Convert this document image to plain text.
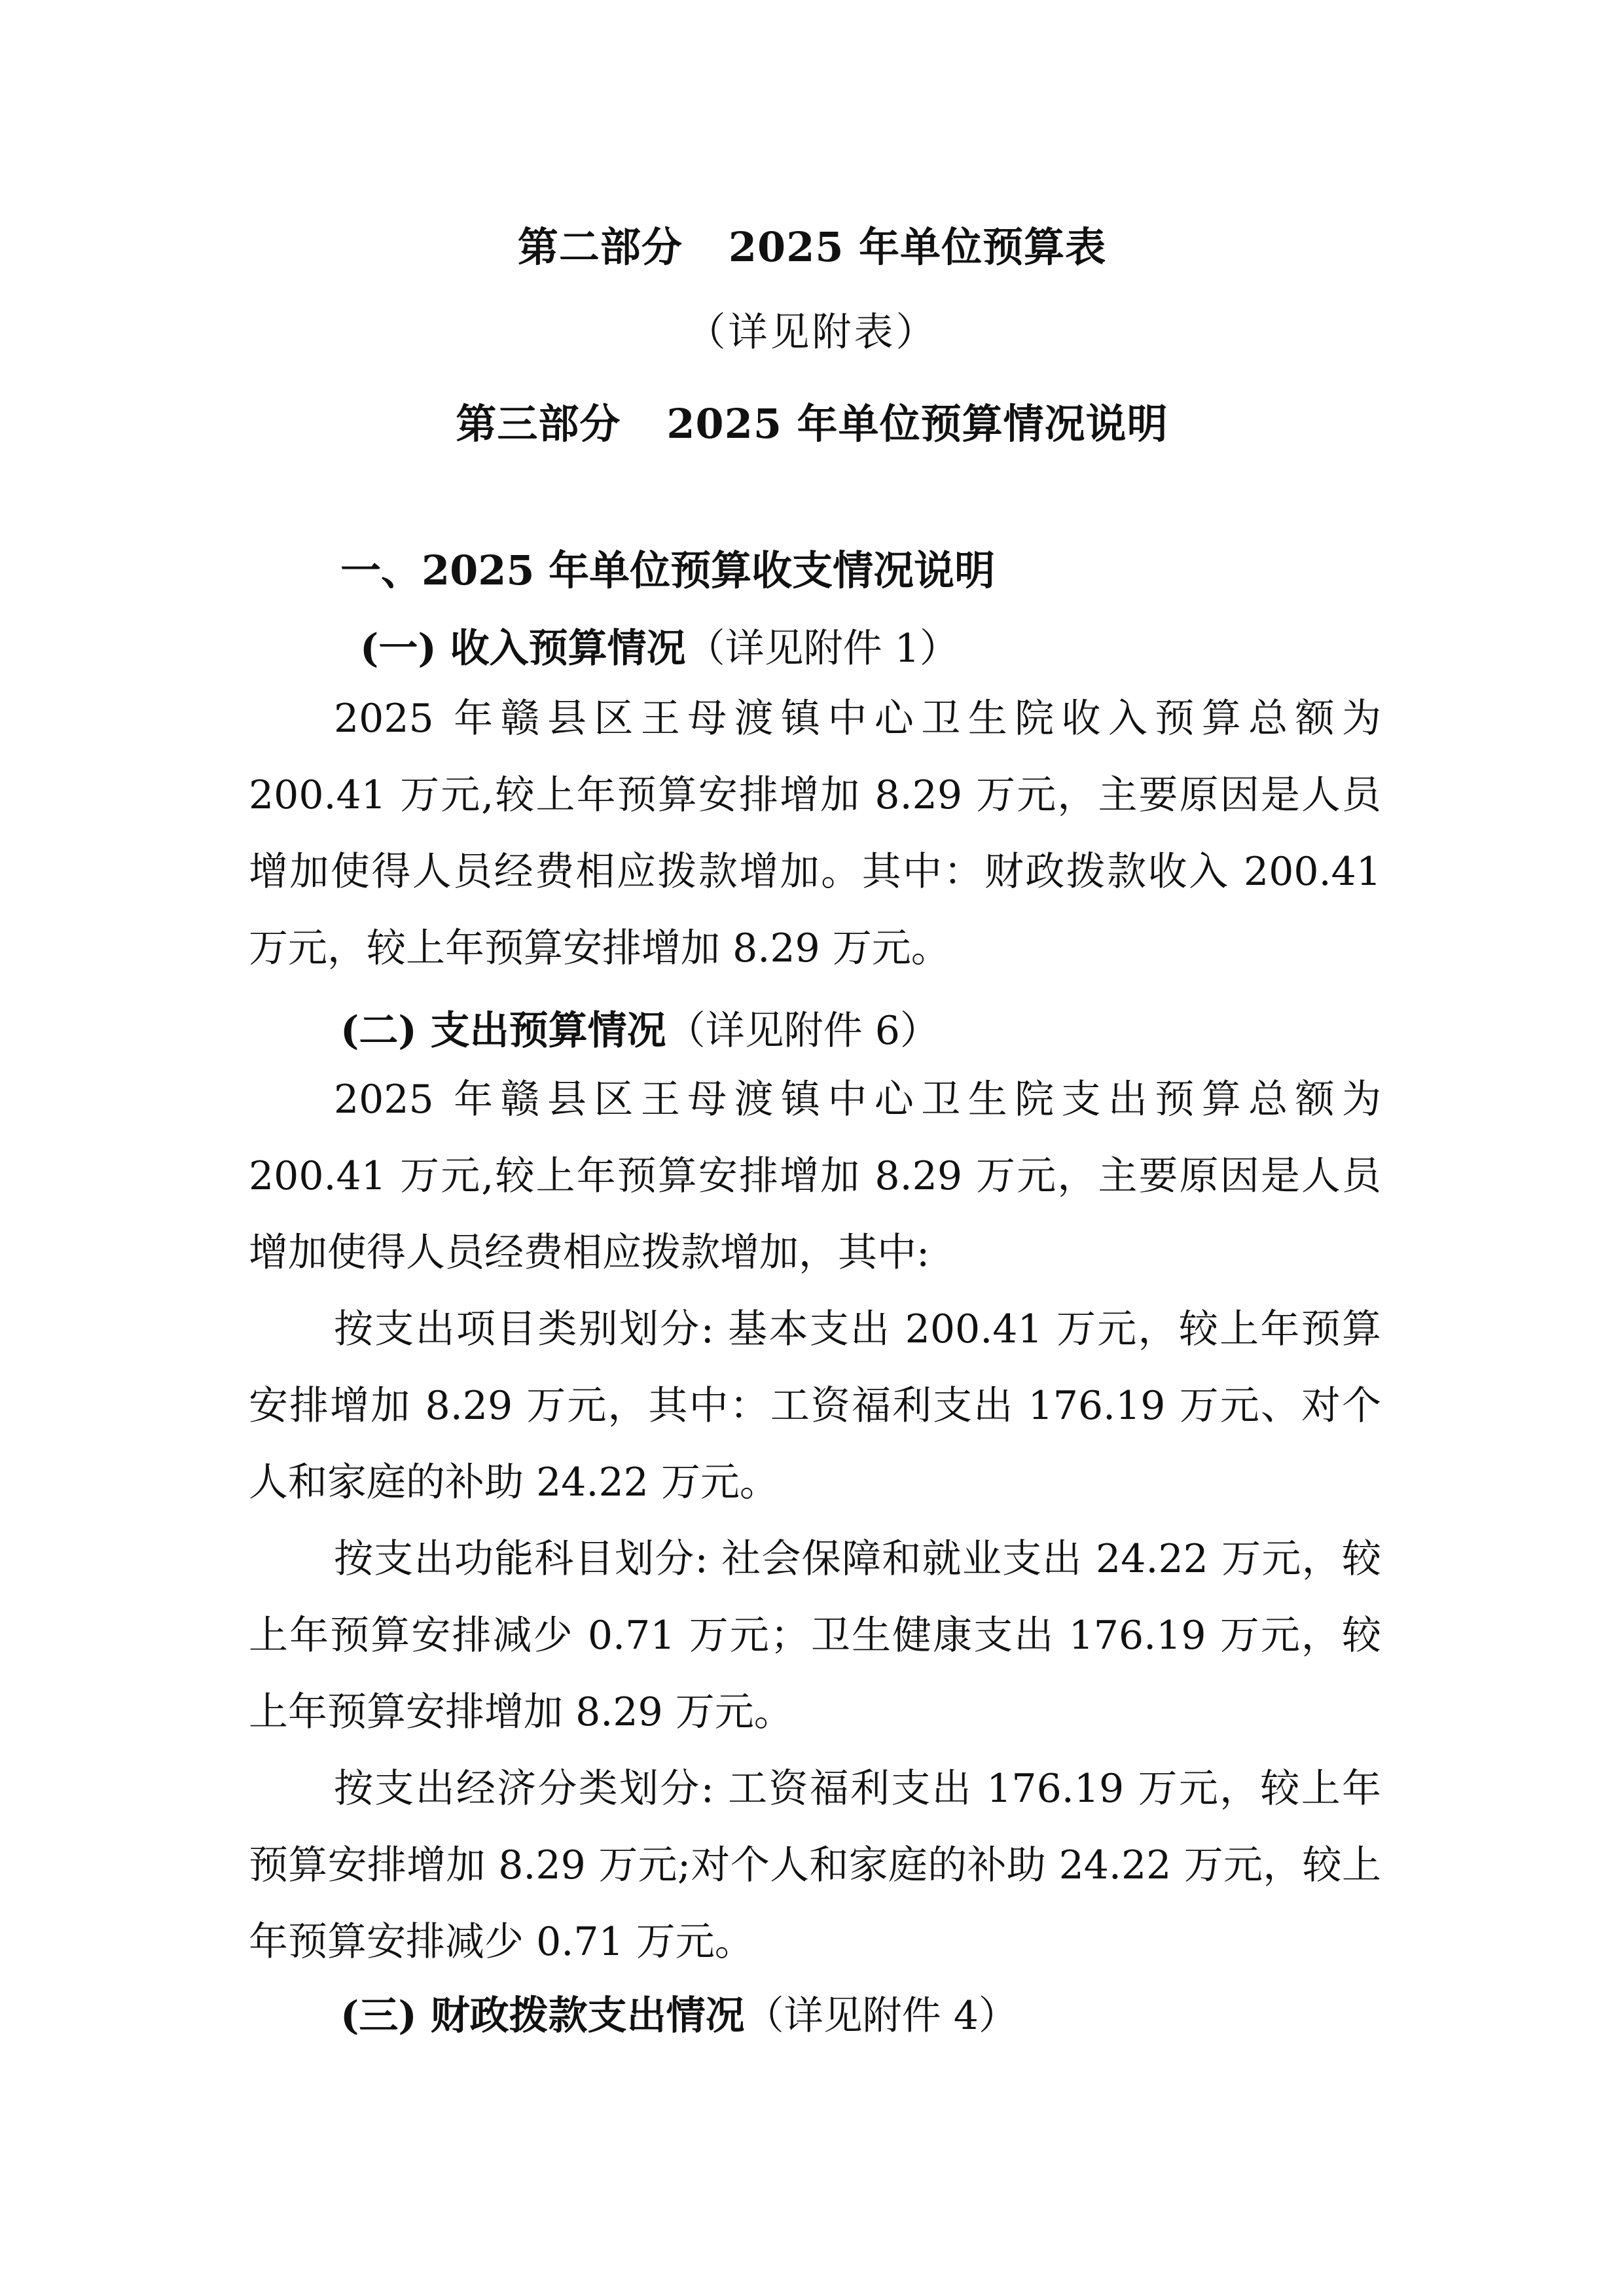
第二部分 2025 年单位预算表
（详见附表）
第三部分 2025 年单位预算情况说明
一、2025 年单位预算收支情况说明
(一) 收入预算情况（详见附件 1）

2025 年赣县区王母渡镇中心卫生院收入预算总额为 200.41 万元,较上年预算安排增加 8.29 万元，主要原因是人员增加使得人员经费相应拨款增加。其中：财政拨款收入 200.41 万元，较上年预算安排增加 8.29 万元。

(二) 支出预算情况（详见附件 6）

2025 年赣县区王母渡镇中心卫生院支出预算总额为 200.41 万元,较上年预算安排增加 8.29 万元，主要原因是人员增加使得人员经费相应拨款增加，其中:

按支出项目类别划分: 基本支出 200.41 万元，较上年预算安排增加 8.29 万元，其中：工资福利支出 176.19 万元、对个人和家庭的补助 24.22 万元。

按支出功能科目划分: 社会保障和就业支出 24.22 万元，较上年预算安排减少 0.71 万元；卫生健康支出 176.19 万元，较上年预算安排增加 8.29 万元。

按支出经济分类划分: 工资福利支出 176.19 万元，较上年预算安排增加 8.29 万元;对个人和家庭的补助 24.22 万元，较上年预算安排减少 0.71 万元。

(三) 财政拨款支出情况（详见附件 4）
